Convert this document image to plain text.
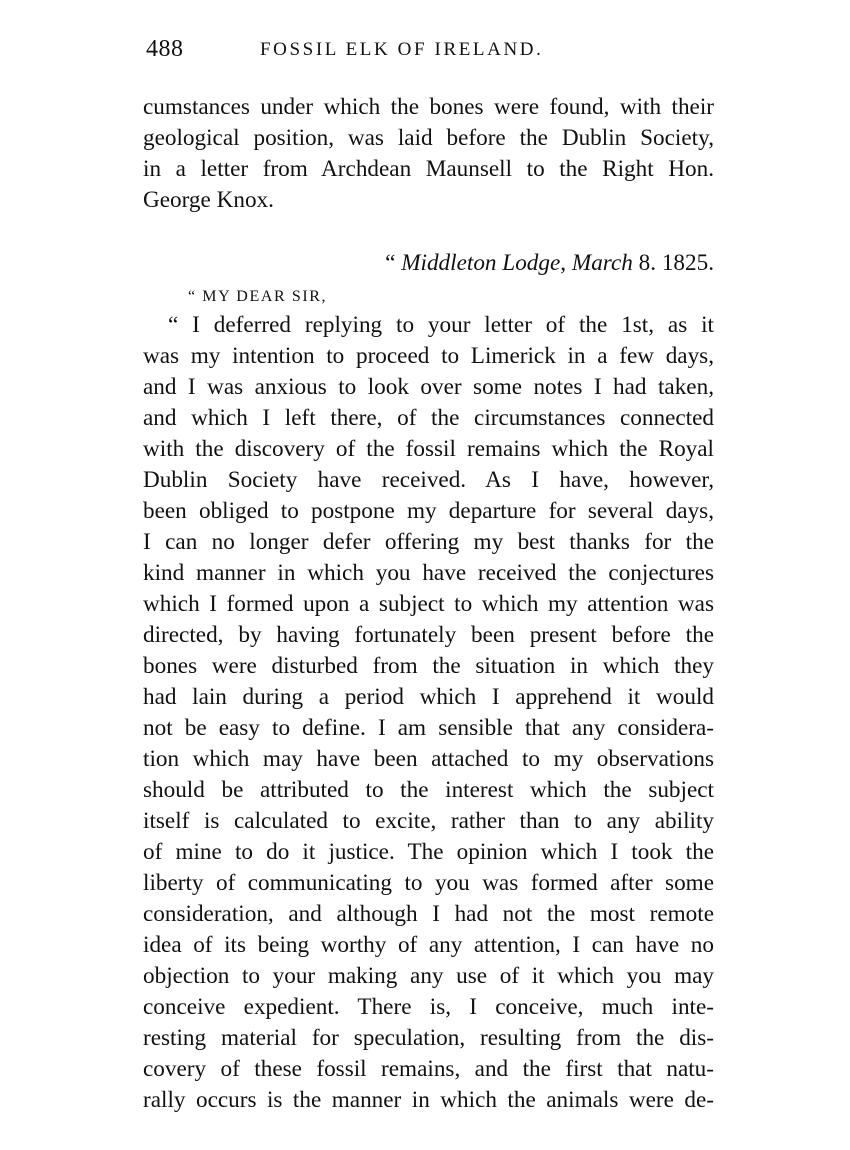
488	FOSSIL ELK OF IRELAND.
cumstances under which the bones were found, with their
geological position, was laid before the Dublin Society,
in a letter from Archdean Maunsell to the Right Hon.
George Knox.
“ Middleton Lodge, March 8. 1825.
“ MY DEAR SIR,
“ I deferred replying to your letter of the 1st, as it
was my intention to proceed to Limerick in a few days,
and I was anxious to look over some notes I had taken,
and which I left there, of the circumstances connected
with the discovery of the fossil remains which the Royal
Dublin Society have received. As I have, however,
been obliged to postpone my departure for several days,
I can no longer defer offering my best thanks for the
kind manner in which you have received the conjectures
which I formed upon a subject to which my attention was
directed, by having fortunately been present before the
bones were disturbed from the situation in which they
had lain during a period which I apprehend it would
not be easy to define. I am sensible that any considera-
tion which may have been attached to my observations
should be attributed to the interest which the subject
itself is calculated to excite, rather than to any ability
of mine to do it justice. The opinion which I took the
liberty of communicating to you was formed after some
consideration, and although I had not the most remote
idea of its being worthy of any attention, I can have no
objection to your making any use of it which you may
conceive expedient. There is, I conceive, much inte-
resting material for speculation, resulting from the dis-
covery of these fossil remains, and the first that natu-
rally occurs is the manner in which the animals were de-
